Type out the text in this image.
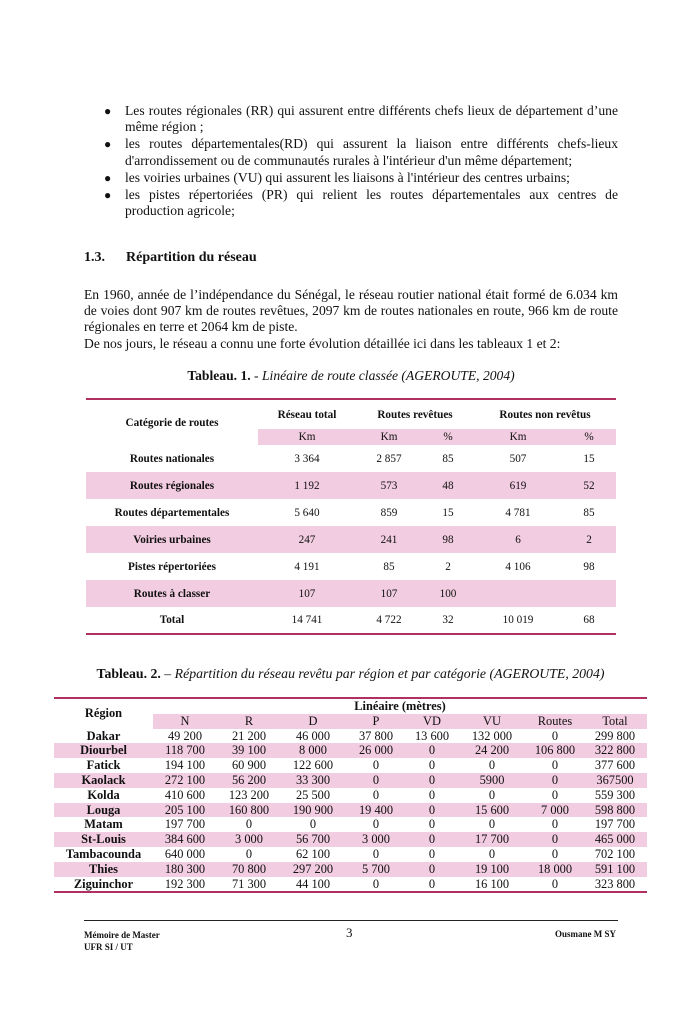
● Les routes régionales (RR) qui assurent entre différents chefs lieux de département d’une même région ;
● les routes départementales(RD) qui assurent la liaison entre différents chefs-lieux d'arrondissement ou de communautés rurales à l'intérieur d'un même département;
● les voiries urbaines (VU) qui assurent les liaisons à l'intérieur des centres urbains;
● les pistes répertoriées (PR) qui relient les routes départementales aux centres de production agricole;
1.3. Répartition du réseau

En 1960, année de l’indépendance du Sénégal, le réseau routier national était formé de 6.034 km de voies dont 907 km de routes revêtues, 2097 km de routes nationales en route, 966 km de route régionales en terre et 2064 km de piste.

De nos jours, le réseau a connu une forte évolution détaillée ici dans les tableaux 1 et 2:

Tableau. 1. - Linéaire de route classée (AGEROUTE, 2004)
Catégorie de routes	Réseau total	Routes revêtues		Routes non revêtus	
	Km	Km	%	Km	%
Routes nationales	3 364	2 857	85	507	15
Routes régionales	1 192	573	48	619	52
Routes départementales	5 640	859	15	4 781	85
Voiries urbaines	247	241	98	6	2
Pistes répertoriées	4 191	85	2	4 106	98
Routes à classer	107	107	100		
Total	14 741	4 722	32	10 019	68
Tableau. 2. – Répartition du réseau revêtu par région et par catégorie (AGEROUTE, 2004)
Région	Linéaire (mètres)							
	N	R	D	P	VD	VU	Routes	Total
Dakar	49 200	21 200	46 000	37 800	13 600	132 000	0	299 800
Diourbel	118 700	39 100	8 000	26 000	0	24 200	106 800	322 800
Fatick	194 100	60 900	122 600	0	0	0	0	377 600
Kaolack	272 100	56 200	33 300	0	0	5900	0	367500
Kolda	410 600	123 200	25 500	0	0	0	0	559 300
Louga	205 100	160 800	190 900	19 400	0	15 600	7 000	598 800
Matam	197 700	0	0	0	0	0	0	197 700
St-Louis	384 600	3 000	56 700	3 000	0	17 700	0	465 000
Tambacounda	640 000	0	62 100	0	0	0	0	702 100
Thies	180 300	70 800	297 200	5 700	0	19 100	18 000	591 100
Ziguinchor	192 300	71 300	44 100	0	0	16 100	0	323 800
Mémoire de Master
UFR SI / UT
3	Ousmane M SY
